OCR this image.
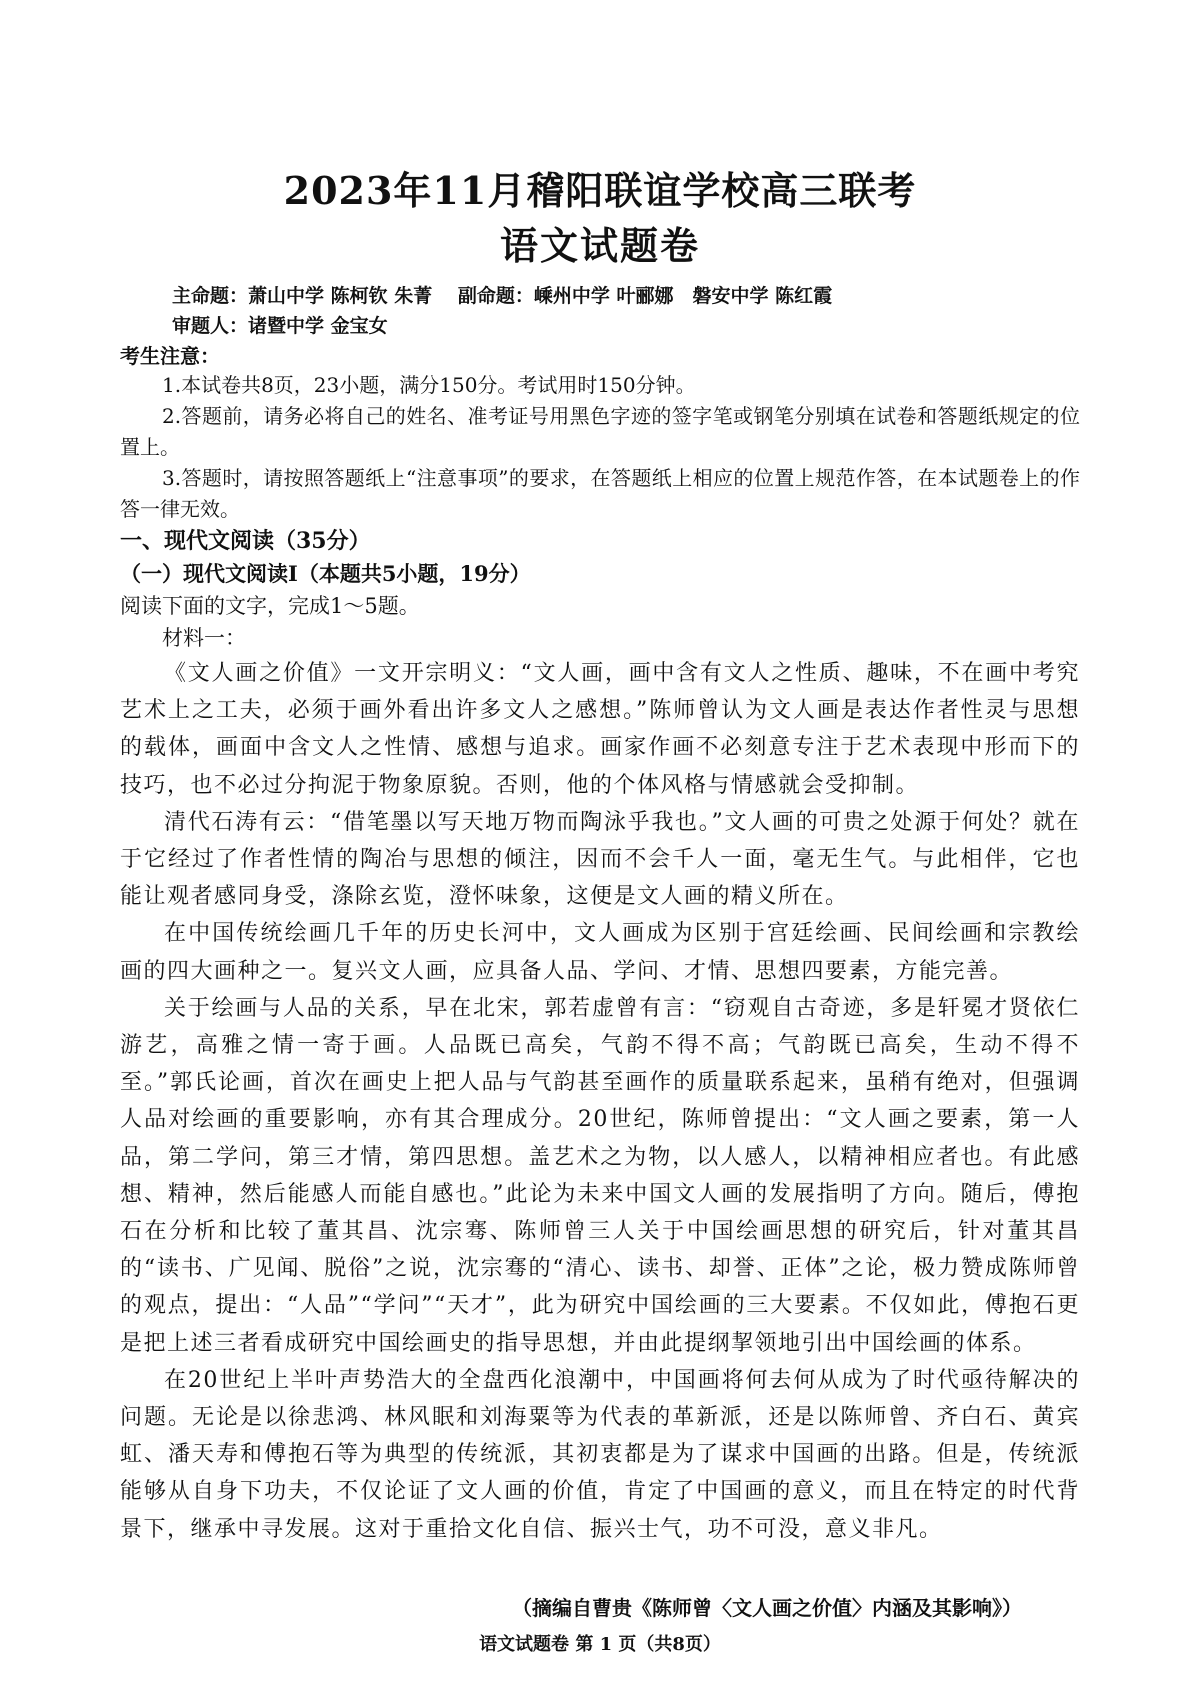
2023年11月稽阳联谊学校高三联考
语文试题卷
主命题：萧山中学 陈柯钦 朱菁　 副命题：嵊州中学 叶郦娜　磐安中学 陈红霞
审题人：诸暨中学 金宝女
考生注意：

1.本试卷共8页，23小题，满分150分。考试用时150分钟。

2.答题前，请务必将自己的姓名、准考证号用黑色字迹的签字笔或钢笔分别填在试卷和答题纸规定的位置上。

3.答题时，请按照答题纸上“注意事项”的要求，在答题纸上相应的位置上规范作答，在本试题卷上的作答一律无效。

一、现代文阅读（35分）
（一）现代文阅读Ⅰ（本题共5小题，19分）
阅读下面的文字，完成1～5题。
材料一：

《文人画之价值》一文开宗明义：“文人画，画中含有文人之性质、趣味，不在画中考究艺术上之工夫，必须于画外看出许多文人之感想。”陈师曾认为文人画是表达作者性灵与思想的载体，画面中含文人之性情、感想与追求。画家作画不必刻意专注于艺术表现中形而下的技巧，也不必过分拘泥于物象原貌。否则，他的个体风格与情感就会受抑制。

清代石涛有云：“借笔墨以写天地万物而陶泳乎我也。”文人画的可贵之处源于何处？就在于它经过了作者性情的陶冶与思想的倾注，因而不会千人一面，毫无生气。与此相伴，它也能让观者感同身受，涤除玄览，澄怀味象，这便是文人画的精义所在。

在中国传统绘画几千年的历史长河中，文人画成为区别于宫廷绘画、民间绘画和宗教绘画的四大画种之一。复兴文人画，应具备人品、学问、才情、思想四要素，方能完善。

关于绘画与人品的关系，早在北宋，郭若虚曾有言：“窃观自古奇迹，多是轩冕才贤依仁游艺，高雅之情一寄于画。人品既已高矣，气韵不得不高；气韵既已高矣，生动不得不至。”郭氏论画，首次在画史上把人品与气韵甚至画作的质量联系起来，虽稍有绝对，但强调人品对绘画的重要影响，亦有其合理成分。20世纪，陈师曾提出：“文人画之要素，第一人品，第二学问，第三才情，第四思想。盖艺术之为物，以人感人，以精神相应者也。有此感想、精神，然后能感人而能自感也。”此论为未来中国文人画的发展指明了方向。随后，傅抱石在分析和比较了董其昌、沈宗骞、陈师曾三人关于中国绘画思想的研究后，针对董其昌的“读书、广见闻、脱俗”之说，沈宗骞的“清心、读书、却誉、正体”之论，极力赞成陈师曾的观点，提出：“人品”“学问”“天才”，此为研究中国绘画的三大要素。不仅如此，傅抱石更是把上述三者看成研究中国绘画史的指导思想，并由此提纲挈领地引出中国绘画的体系。

在20世纪上半叶声势浩大的全盘西化浪潮中，中国画将何去何从成为了时代亟待解决的问题。无论是以徐悲鸿、林风眠和刘海粟等为代表的革新派，还是以陈师曾、齐白石、黄宾虹、潘天寿和傅抱石等为典型的传统派，其初衷都是为了谋求中国画的出路。但是，传统派能够从自身下功夫，不仅论证了文人画的价值，肯定了中国画的意义，而且在特定的时代背景下，继承中寻发展。这对于重拾文化自信、振兴士气，功不可没，意义非凡。

（摘编自曹贵《陈师曾〈文人画之价值〉内涵及其影响》）
语文试题卷 第 1 页（共8页）
